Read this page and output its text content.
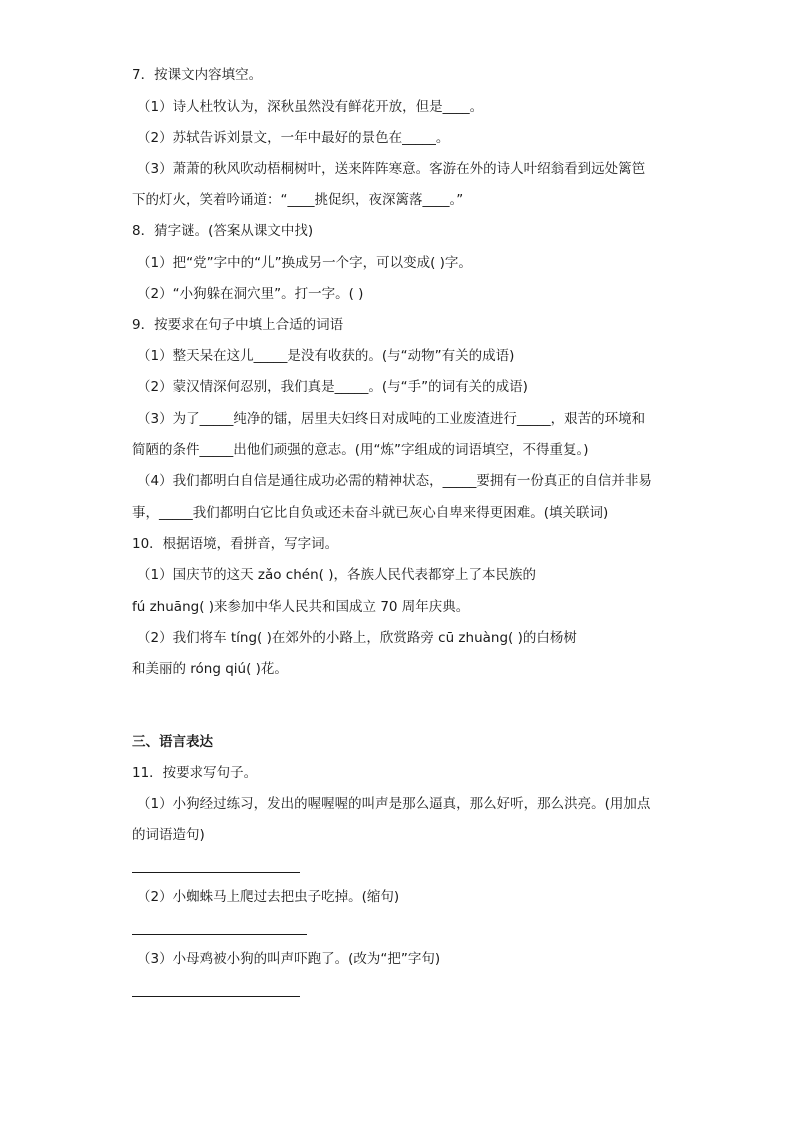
7．按课文内容填空。
（1）诗人杜牧认为，深秋虽然没有鲜花开放，但是____。
（2）苏轼告诉刘景文，一年中最好的景色在_____。
（3）萧萧的秋风吹动梧桐树叶，送来阵阵寒意。客游在外的诗人叶绍翁看到远处篱笆
下的灯火，笑着吟诵道：“____挑促织，夜深篱落____。”
8．猜字谜。(答案从课文中找)
（1）把“党”字中的“儿”换成另一个字，可以变成( )字。
（2）“小狗躲在洞穴里”。打一字。( )
9．按要求在句子中填上合适的词语
（1）整天呆在这儿_____是没有收获的。(与“动物”有关的成语)
（2）蒙汉情深何忍别，我们真是_____。(与“手”的词有关的成语)
（3）为了_____纯净的镭，居里夫妇终日对成吨的工业废渣进行_____，艰苦的环境和
简陋的条件_____出他们顽强的意志。(用“炼”字组成的词语填空，不得重复。)
（4）我们都明白自信是通往成功必需的精神状态，_____要拥有一份真正的自信并非易
事，_____我们都明白它比自负或还未奋斗就已灰心自卑来得更困难。(填关联词)
10．根据语境，看拼音，写字词。
（1）国庆节的这天 zǎo chén( )，各族人民代表都穿上了本民族的
fú zhuāng( )来参加中华人民共和国成立 70 周年庆典。
（2）我们将车 tíng( )在郊外的小路上，欣赏路旁 cū zhuàng( )的白杨树
和美丽的 róng qiú( )花。
三、语言表达
11．按要求写句子。
（1）小狗经过练习，发出的喔喔喔的叫声是那么逼真，那么好听，那么洪亮。(用加点
的词语造句)
（2）小蜘蛛马上爬过去把虫子吃掉。(缩句)
（3）小母鸡被小狗的叫声吓跑了。(改为“把”字句)
